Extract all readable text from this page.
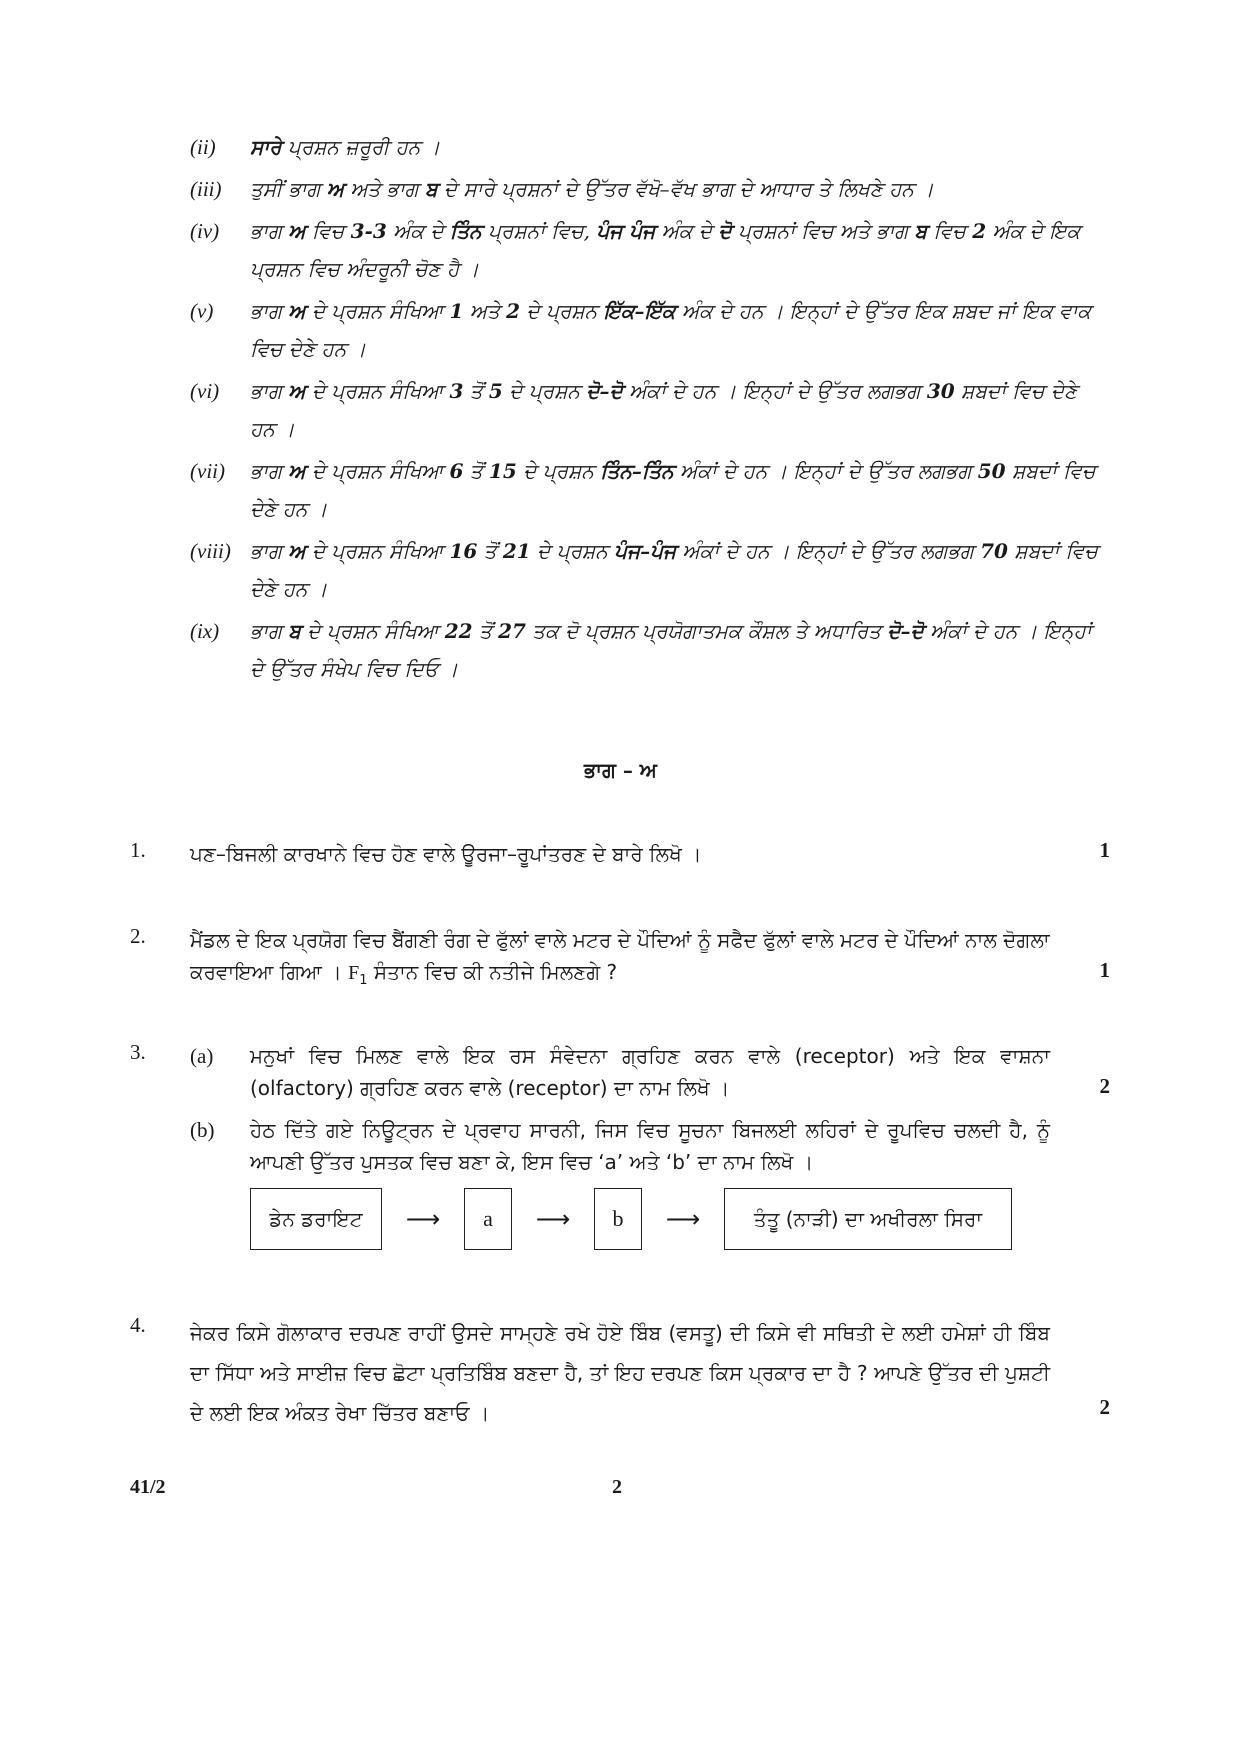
(ii) ਸਾਰੇ ਪ੍ਰਸ਼ਨ ਜ਼ਰੂਰੀ ਹਨ ।
(iii) ਤੁਸੀਂ ਭਾਗ ਅ ਅਤੇ ਭਾਗ ਬ ਦੇ ਸਾਰੇ ਪ੍ਰਸ਼ਨਾਂ ਦੇ ਉੱਤਰ ਵੱਖੋ–ਵੱਖ ਭਾਗ ਦੇ ਆਧਾਰ ਤੇ ਲਿਖਣੇ ਹਨ ।
(iv) ਭਾਗ ਅ ਵਿਚ 3-3 ਅੰਕ ਦੇ ਤਿੰਨ ਪ੍ਰਸ਼ਨਾਂ ਵਿਚ, ਪੰਜ ਪੰਜ ਅੰਕ ਦੇ ਦੋ ਪ੍ਰਸ਼ਨਾਂ ਵਿਚ ਅਤੇ ਭਾਗ ਬ ਵਿਚ 2 ਅੰਕ ਦੇ ਇਕ ਪ੍ਰਸ਼ਨ ਵਿਚ ਅੰਦਰੂਨੀ ਚੋਣ ਹੈ ।
(v) ਭਾਗ ਅ ਦੇ ਪ੍ਰਸ਼ਨ ਸੰਖਿਆ 1 ਅਤੇ 2 ਦੇ ਪ੍ਰਸ਼ਨ ਇੱਕ–ਇੱਕ ਅੰਕ ਦੇ ਹਨ । ਇਨ੍ਹਾਂ ਦੇ ਉੱਤਰ ਇਕ ਸ਼ਬਦ ਜਾਂ ਇਕ ਵਾਕ ਵਿਚ ਦੇਣੇ ਹਨ ।
(vi) ਭਾਗ ਅ ਦੇ ਪ੍ਰਸ਼ਨ ਸੰਖਿਆ 3 ਤੋਂ 5 ਦੇ ਪ੍ਰਸ਼ਨ ਦੋ–ਦੋ ਅੰਕਾਂ ਦੇ ਹਨ । ਇਨ੍ਹਾਂ ਦੇ ਉੱਤਰ ਲਗਭਗ 30 ਸ਼ਬਦਾਂ ਵਿਚ ਦੇਣੇ ਹਨ ।
(vii) ਭਾਗ ਅ ਦੇ ਪ੍ਰਸ਼ਨ ਸੰਖਿਆ 6 ਤੋਂ 15 ਦੇ ਪ੍ਰਸ਼ਨ ਤਿੰਨ–ਤਿੰਨ ਅੰਕਾਂ ਦੇ ਹਨ । ਇਨ੍ਹਾਂ ਦੇ ਉੱਤਰ ਲਗਭਗ 50 ਸ਼ਬਦਾਂ ਵਿਚ ਦੇਣੇ ਹਨ ।
(viii) ਭਾਗ ਅ ਦੇ ਪ੍ਰਸ਼ਨ ਸੰਖਿਆ 16 ਤੋਂ 21 ਦੇ ਪ੍ਰਸ਼ਨ ਪੰਜ–ਪੰਜ ਅੰਕਾਂ ਦੇ ਹਨ । ਇਨ੍ਹਾਂ ਦੇ ਉੱਤਰ ਲਗਭਗ 70 ਸ਼ਬਦਾਂ ਵਿਚ ਦੇਣੇ ਹਨ ।
(ix) ਭਾਗ ਬ ਦੇ ਪ੍ਰਸ਼ਨ ਸੰਖਿਆ 22 ਤੋਂ 27 ਤਕ ਦੋ ਪ੍ਰਸ਼ਨ ਪ੍ਰਯੋਗਾਤਮਕ ਕੌਸ਼ਲ ਤੇ ਅਧਾਰਿਤ ਦੋ–ਦੋ ਅੰਕਾਂ ਦੇ ਹਨ । ਇਨ੍ਹਾਂ ਦੇ ਉੱਤਰ ਸੰਖੇਪ ਵਿਚ ਦਿਓ ।
ਭਾਗ – ਅ
1. ਪਣ–ਬਿਜਲੀ ਕਾਰਖਾਨੇ ਵਿਚ ਹੋਣ ਵਾਲੇ ਊਰਜਾ–ਰੂਪਾਂਤਰਣ ਦੇ ਬਾਰੇ ਲਿਖੋ ।	1
2. ਮੈਂਡਲ ਦੇ ਇਕ ਪ੍ਰਯੋਗ ਵਿਚ ਬੈਂਗਣੀ ਰੰਗ ਦੇ ਫੁੱਲਾਂ ਵਾਲੇ ਮਟਰ ਦੇ ਪੌਦਿਆਂ ਨੂੰ ਸਫੈਦ ਫੁੱਲਾਂ ਵਾਲੇ ਮਟਰ ਦੇ ਪੌਦਿਆਂ ਨਾਲ ਦੋਗਲਾ ਕਰਵਾਇਆ ਗਿਆ । $F_1$ ਸੰਤਾਨ ਵਿਚ ਕੀ ਨਤੀਜੇ ਮਿਲਣਗੇ ?	1
3. (a) ਮਨੁਖਾਂ ਵਿਚ ਮਿਲਣ ਵਾਲੇ ਇਕ ਰਸ ਸੰਵੇਦਨਾ ਗ੍ਰਹਿਣ ਕਰਨ ਵਾਲੇ (receptor) ਅਤੇ ਇਕ ਵਾਸ਼ਨਾ (olfactory) ਗ੍ਰਹਿਣ ਕਰਨ ਵਾਲੇ (receptor) ਦਾ ਨਾਮ ਲਿਖੋ ।
(b) ਹੇਠ ਦਿੱਤੇ ਗਏ ਨਿਊਟ੍ਰਨ ਦੇ ਪ੍ਰਵਾਹ ਸਾਰਨੀ, ਜਿਸ ਵਿਚ ਸੂਚਨਾ ਬਿਜਲਈ ਲਹਿਰਾਂ ਦੇ ਰੂਪਵਿਚ ਚਲਦੀ ਹੈ, ਨੂੰ ਆਪਣੀ ਉੱਤਰ ਪੁਸਤਕ ਵਿਚ ਬਣਾ ਕੇ, ਇਸ ਵਿਚ ‘a’ ਅਤੇ ‘b’ ਦਾ ਨਾਮ ਲਿਖੋ ।
2
ਡੇਨ ਡਰਾਇਟ	⟶	a	⟶	b	⟶	ਤੰਤੂ (ਨਾੜੀ) ਦਾ ਅਖੀਰਲਾ ਸਿਰਾ
4. ਜੇਕਰ ਕਿਸੇ ਗੋਲਾਕਾਰ ਦਰਪਣ ਰਾਹੀਂ ਉਸਦੇ ਸਾਮ੍ਹਣੇ ਰਖੇ ਹੋਏ ਬਿੰਬ (ਵਸਤੂ) ਦੀ ਕਿਸੇ ਵੀ ਸਥਿਤੀ ਦੇ ਲਈ ਹਮੇਸ਼ਾਂ ਹੀ ਬਿੰਬ ਦਾ ਸਿੱਧਾ ਅਤੇ ਸਾਈਜ਼ ਵਿਚ ਛੋਟਾ ਪ੍ਰਤਿਬਿੰਬ ਬਣਦਾ ਹੈ, ਤਾਂ ਇਹ ਦਰਪਣ ਕਿਸ ਪ੍ਰਕਾਰ ਦਾ ਹੈ ? ਆਪਣੇ ਉੱਤਰ ਦੀ ਪੁਸ਼ਟੀ ਦੇ ਲਈ ਇਕ ਅੰਕਤ ਰੇਖਾ ਚਿੱਤਰ ਬਣਾਓ ।	2
41/2	2
